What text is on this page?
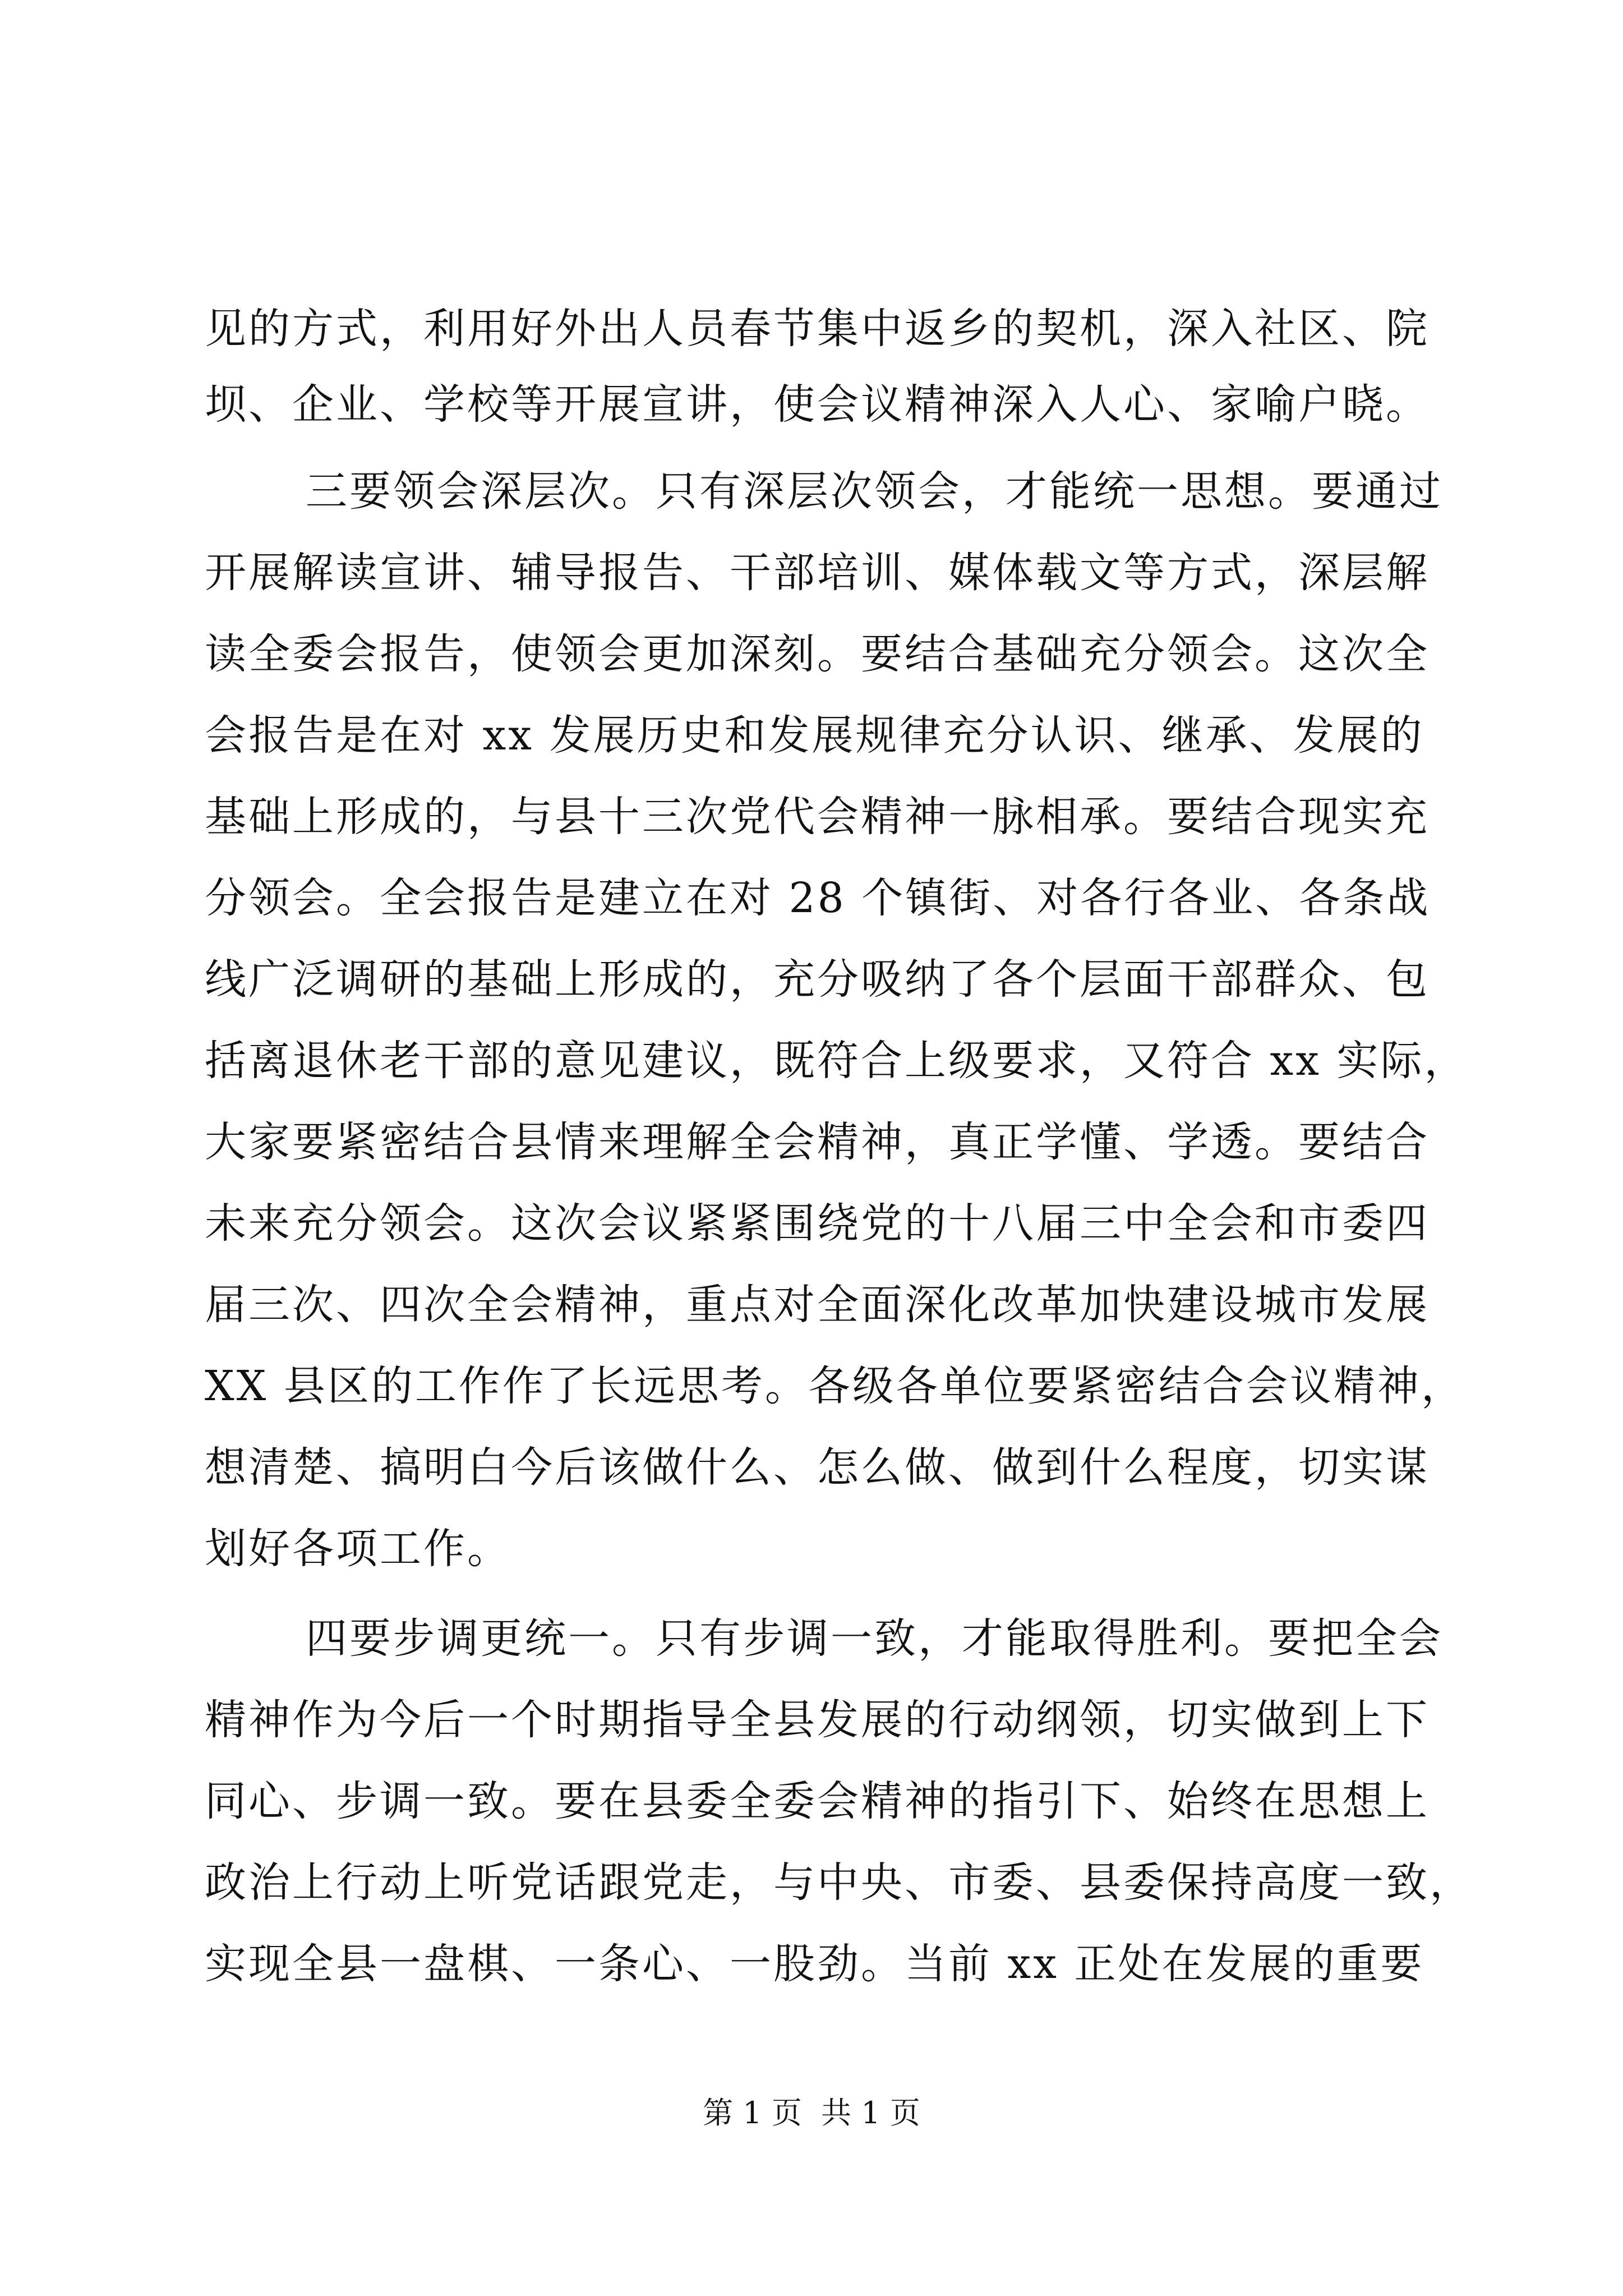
见的方式，利用好外出人员春节集中返乡的契机，深入社区、院
坝、企业、学校等开展宣讲，使会议精神深入人心、家喻户晓。
三要领会深层次。只有深层次领会，才能统一思想。要通过
开展解读宣讲、辅导报告、干部培训、媒体载文等方式，深层解
读全委会报告，使领会更加深刻。要结合基础充分领会。这次全
会报告是在对 xx 发展历史和发展规律充分认识、继承、发展的
基础上形成的，与县十三次党代会精神一脉相承。要结合现实充
分领会。全会报告是建立在对 28 个镇街、对各行各业、各条战
线广泛调研的基础上形成的，充分吸纳了各个层面干部群众、包
括离退休老干部的意见建议，既符合上级要求，又符合 xx 实际，
大家要紧密结合县情来理解全会精神，真正学懂、学透。要结合
未来充分领会。这次会议紧紧围绕党的十八届三中全会和市委四
届三次、四次全会精神，重点对全面深化改革加快建设城市发展
XX 县区的工作作了长远思考。各级各单位要紧密结合会议精神，
想清楚、搞明白今后该做什么、怎么做、做到什么程度，切实谋
划好各项工作。
四要步调更统一。只有步调一致，才能取得胜利。要把全会
精神作为今后一个时期指导全县发展的行动纲领，切实做到上下
同心、步调一致。要在县委全委会精神的指引下、始终在思想上
政治上行动上听党话跟党走，与中央、市委、县委保持高度一致，
实现全县一盘棋、一条心、一股劲。当前 xx 正处在发展的重要
第 1 页  共 1 页
